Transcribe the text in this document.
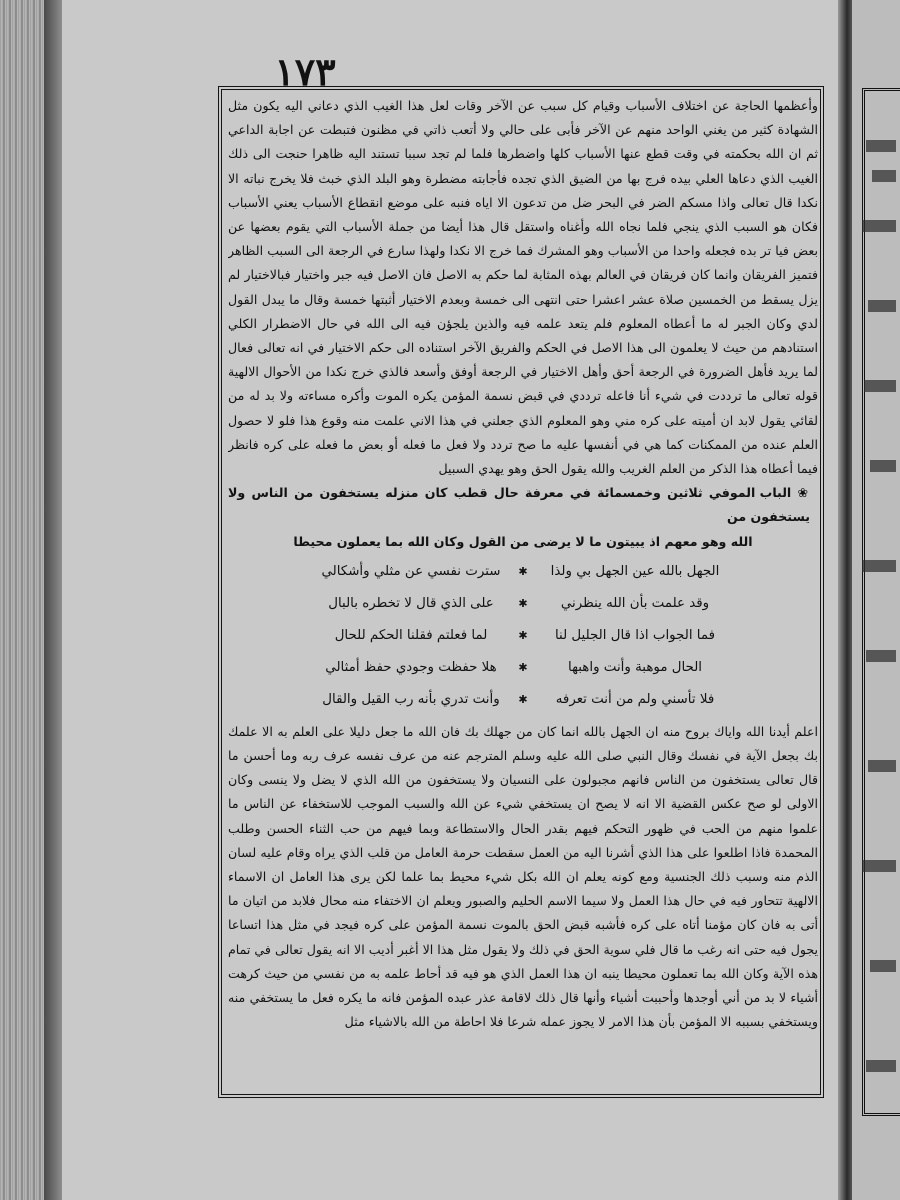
١٧٣

وأعظمها الحاجة عن اختلاف الأسباب وقيام كل سبب عن الآخر وقات لعل هذا الغيب الذي دعاني اليه يكون مثل الشهادة كثير من يغني الواحد منهم عن الآخر فأبى على حالي ولا أتعب ذاتي في مظنون فتبطت عن اجابة الداعي ثم ان الله بحكمته في وقت قطع عنها الأسباب كلها واضطرها فلما لم تجد سببا تستند اليه ظاهرا حنجت الى ذلك الغيب الذي دعاها العلي بيده فرج بها من الضيق الذي تجده فأجابته مضطرة وهو البلد الذي خبث فلا يخرج نباته الا نكدا قال تعالى واذا مسكم الضر في البحر ضل من تدعون الا اياه فنبه على موضع انقطاع الأسباب يعني الأسباب فكان هو السبب الذي ينجي فلما نجاه الله وأغناه واستقل قال هذا أيضا من جملة الأسباب التي يقوم بعضها عن بعض فيا تر بده فجعله واحدا من الأسباب وهو المشرك فما خرج الا نكدا ولهذا سارع في الرجعة الى السبب الظاهر فتميز الفريقان وانما كان فريقان في العالم بهذه المثابة لما حكم به الاصل فان الاصل فيه جبر واختيار فبالاختيار لم يزل يسقط من الخمسين صلاة عشر اعشرا حتى انتهى الى خمسة وبعدم الاختيار أثبتها خمسة وقال ما يبدل القول لدي وكان الجبر له ما أعطاه المعلوم فلم يتعد علمه فيه والذين يلجؤن فيه الى الله في حال الاضطرار الكلي استنادهم من حيث لا يعلمون الى هذا الاصل في الحكم والفريق الآخر استناده الى حكم الاختيار في انه تعالى فعال لما يريد فأهل الضرورة في الرجعة أحق وأهل الاختيار في الرجعة أوفق وأسعد فالذي خرج نكدا من الأحوال الالهية قوله تعالى ما ترددت في شيء أنا فاعله ترددي في قبض نسمة المؤمن يكره الموت وأكره مساءته ولا بد له من لقائي يقول لابد ان أميته على كره مني وهو المعلوم الذي جعلني في هذا الاني علمت منه وقوع هذا فلو لا حصول العلم عنده من الممكنات كما هي في أنفسها عليه ما صح تردد ولا فعل ما فعله أو بعض ما فعله على كره فانظر فيما أعطاه هذا الذكر من العلم الغريب والله يقول الحق وهو يهدي السبيل

❀ الباب الموفي ثلاثين وخمسمائة في معرفة حال قطب كان منزله يستخفون من الناس ولا يستخفون من

الله وهو معهم اذ يبيتون ما لا يرضى من القول وكان الله بما يعملون محيطا

الجهل بالله عين الجهل بي ولذا
✱
سترت نفسي عن مثلي وأشكالي
وقد علمت بأن الله ينظرني
✱
على الذي قال لا تخطره بالبال
فما الجواب اذا قال الجليل لنا
✱
لما فعلتم فقلنا الحكم للحال
الحال موهبة وأنت واهبها
✱
هلا حفظت وجودي حفظ أمثالي
فلا تأسني ولم من أنت تعرفه
✱
وأنت تدري بأنه رب القيل والقال

اعلم أيدنا الله واياك بروح منه ان الجهل بالله انما كان من جهلك بك فان الله ما جعل دليلا على العلم به الا علمك بك بجعل الآية في نفسك وقال النبي صلى الله عليه وسلم المترجم عنه من عرف نفسه عرف ربه وما أحسن ما قال تعالى يستخفون من الناس فانهم مجبولون على النسيان ولا يستخفون من الله الذي لا يضل ولا ينسى وكان الاولى لو صح عكس القضية الا انه لا يصح ان يستخفي شيء عن الله والسبب الموجب للاستخفاء عن الناس ما علموا منهم من الحب في ظهور التحكم فيهم بقدر الحال والاستطاعة وبما فيهم من حب الثناء الحسن وطلب المحمدة فاذا اطلعوا على هذا الذي أشرنا اليه من العمل سقطت حرمة العامل من قلب الذي يراه وقام عليه لسان الذم منه وسبب ذلك الجنسية ومع كونه يعلم ان الله بكل شيء محيط بما علما لكن يرى هذا العامل ان الاسماء الالهية تتحاور فيه في حال هذا العمل ولا سيما الاسم الحليم والصبور ويعلم ان الاختفاء منه محال فلابد من اتيان ما أتى به فان كان مؤمنا أتاه على كره فأشبه قبض الحق بالموت نسمة المؤمن على كره فيجد في مثل هذا اتساعا يجول فيه حتى انه رغب ما قال فلي سوية الحق في ذلك ولا يقول مثل هذا الا أغبر أديب الا انه يقول تعالى في تمام هذه الآية وكان الله بما تعملون محيطا ينبه ان هذا العمل الذي هو فيه قد أحاط علمه به من نفسي من حيث كرهت أشياء لا بد من أني أوجدها وأحببت أشياء وأنها قال ذلك لاقامة عذر عبده المؤمن فانه ما يكره فعل ما يستخفي منه ويستخفي بسببه الا المؤمن بأن هذا الامر لا يجوز عمله شرعا فلا احاطة من الله بالاشياء مثل
